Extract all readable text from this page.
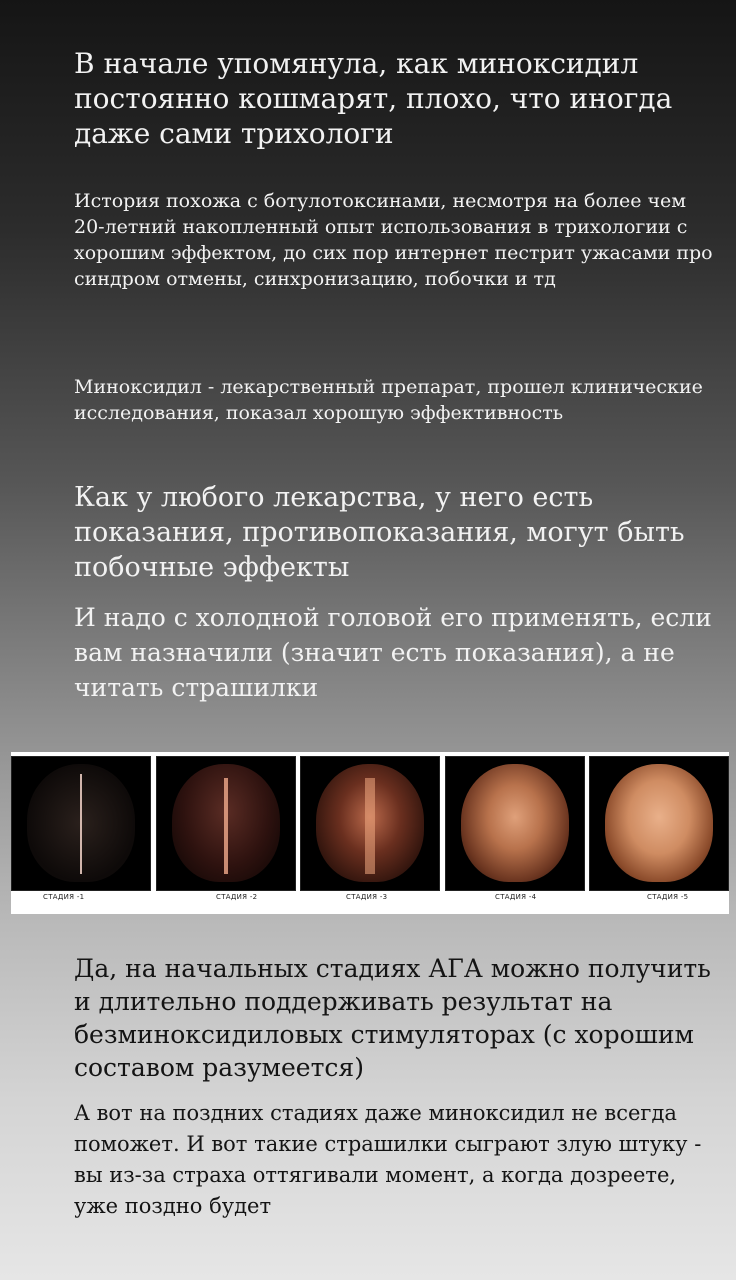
В начале упомянула, как миноксидил постоянно кошмарят, плохо, что иногда даже сами трихологи

История похожа с ботулотоксинами, несмотря на более чем 20-летний накопленный опыт использования в трихологии с хорошим эффектом, до сих пор интернет пестрит ужасами про синдром отмены, синхронизацию, побочки и тд

Миноксидил - лекарственный препарат, прошел клинические исследования, показал хорошую эффективность

Как у любого лекарства, у него есть показания, противопоказания, могут быть побочные эффекты

И надо с холодной головой его применять, если вам назначили (значит есть показания), а не читать страшилки

СТАДИЯ -1	СТАДИЯ -2	СТАДИЯ -3	СТАДИЯ -4	СТАДИЯ -5

Да, на начальных стадиях АГА можно получить и длительно поддерживать результат на безминоксидиловых стимуляторах (с хорошим составом разумеется)

А вот на поздних стадиях даже миноксидил не всегда поможет. И вот такие страшилки сыграют злую штуку - вы из-за страха оттягивали момент, а когда дозреете, уже поздно будет
